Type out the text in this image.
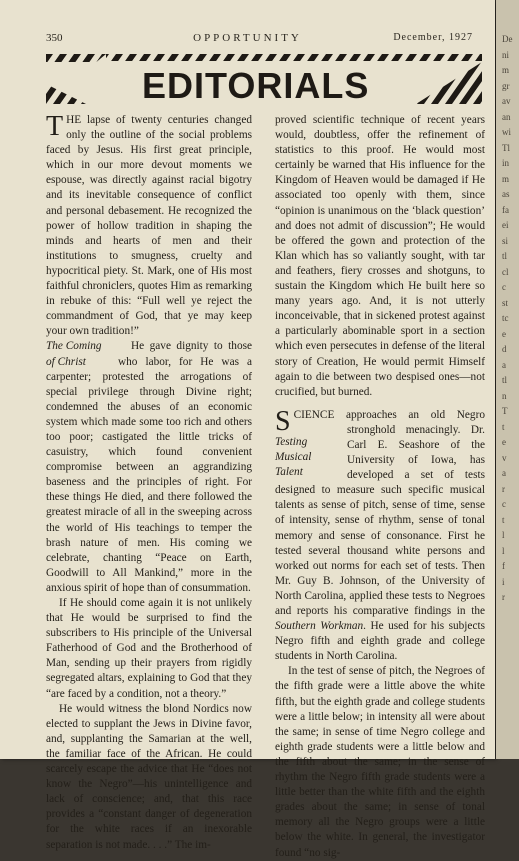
350	OPPORTUNITY	December, 1927
EDITORIALS

THE lapse of twenty centuries changed only the outline of the social problems faced by Jesus. His first great principle, which in our more devout moments we espouse, was directly against racial bigotry and its inevitable consequence of conflict and personal debasement. He recognized the power of hollow tradition in shaping the minds and hearts of men and their institutions to smugness, cruelty and hypocritical piety. St. Mark, one of His most faithful chroniclers, quotes Him as remarking in rebuke of this: “Full well ye reject the commandment of God, that ye may keep your own tradition!”

The Coming
of Christ
He gave dignity to those who labor, for He was a carpenter; protested the arrogations of special privilege through Divine right; condemned the abuses of an economic system which made some too rich and others too poor; castigated the little tricks of casuistry, which found convenient compromise between an aggrandizing baseness and the principles of right. For these things He died, and there followed the greatest miracle of all in the sweeping across the world of His teachings to temper the brash nature of men. His coming we celebrate, chanting “Peace on Earth, Goodwill to All Mankind,” more in the anxious spirit of hope than of consummation.

If He should come again it is not unlikely that He would be surprised to find the subscribers to His principle of the Universal Fatherhood of God and the Brotherhood of Man, sending up their prayers from rigidly segregated altars, explaining to God that they “are faced by a condition, not a theory.”

He would witness the blond Nordics now elected to supplant the Jews in Divine favor, and, supplanting the Samarian at the well, the familiar face of the African. He could scarcely escape the advice that He “does not know the Negro”—his unintelligence and lack of conscience; and, that this race provides a “constant danger of degeneration for the white races if an inexorable separation is not made. . . .” The im-

proved scientific technique of recent years would, doubtless, offer the refinement of statistics to this proof. He would most certainly be warned that His influence for the Kingdom of Heaven would be damaged if He associated too openly with them, since “opinion is unanimous on the ‘black question’ and does not admit of discussion”; He would be offered the gown and protection of the Klan which has so valiantly sought, with tar and feathers, fiery crosses and shotguns, to sustain the Kingdom which He built here so many years ago. And, it is not utterly inconceivable, that in sickened protest against a particularly abominable sport in a section which even persecutes in defense of the literal story of Creation, He would permit Himself again to die between two despised ones—not crucified, but burned.

S
Testing
Musical
Talent
CIENCE approaches an old Negro stronghold menacingly. Dr. Carl E. Seashore of the University of Iowa, has developed a set of tests designed to measure such specific musical talents as sense of pitch, sense of time, sense of intensity, sense of rhythm, sense of tonal memory and sense of consonance. First he tested several thousand white persons and worked out norms for each set of tests. Then Mr. Guy B. Johnson, of the University of North Carolina, applied these tests to Negroes and reports his comparative findings in the Southern Workman. He used for his subjects Negro fifth and eighth grade and college students in North Carolina.

In the test of sense of pitch, the Negroes of the fifth grade were a little above the white fifth, but the eighth grade and college students were a little below; in intensity all were about the same; in sense of time Negro college and eighth grade students were a little below and the fifth about the same; in the sense of rhythm the Negro fifth grade students were a little better than the white fifth and the eighth grades about the same; in sense of tonal memory all the Negro groups were a little below the white. In general, the investigator found “no sig-

De
ni
m
gr
av
an
wi
Tl
in
m
as
fa
ei
si
tl
cl
c
st
tc
e
d
a
tl
n
T
t
e
v
a
r
c
t
l
l
f
i
r
